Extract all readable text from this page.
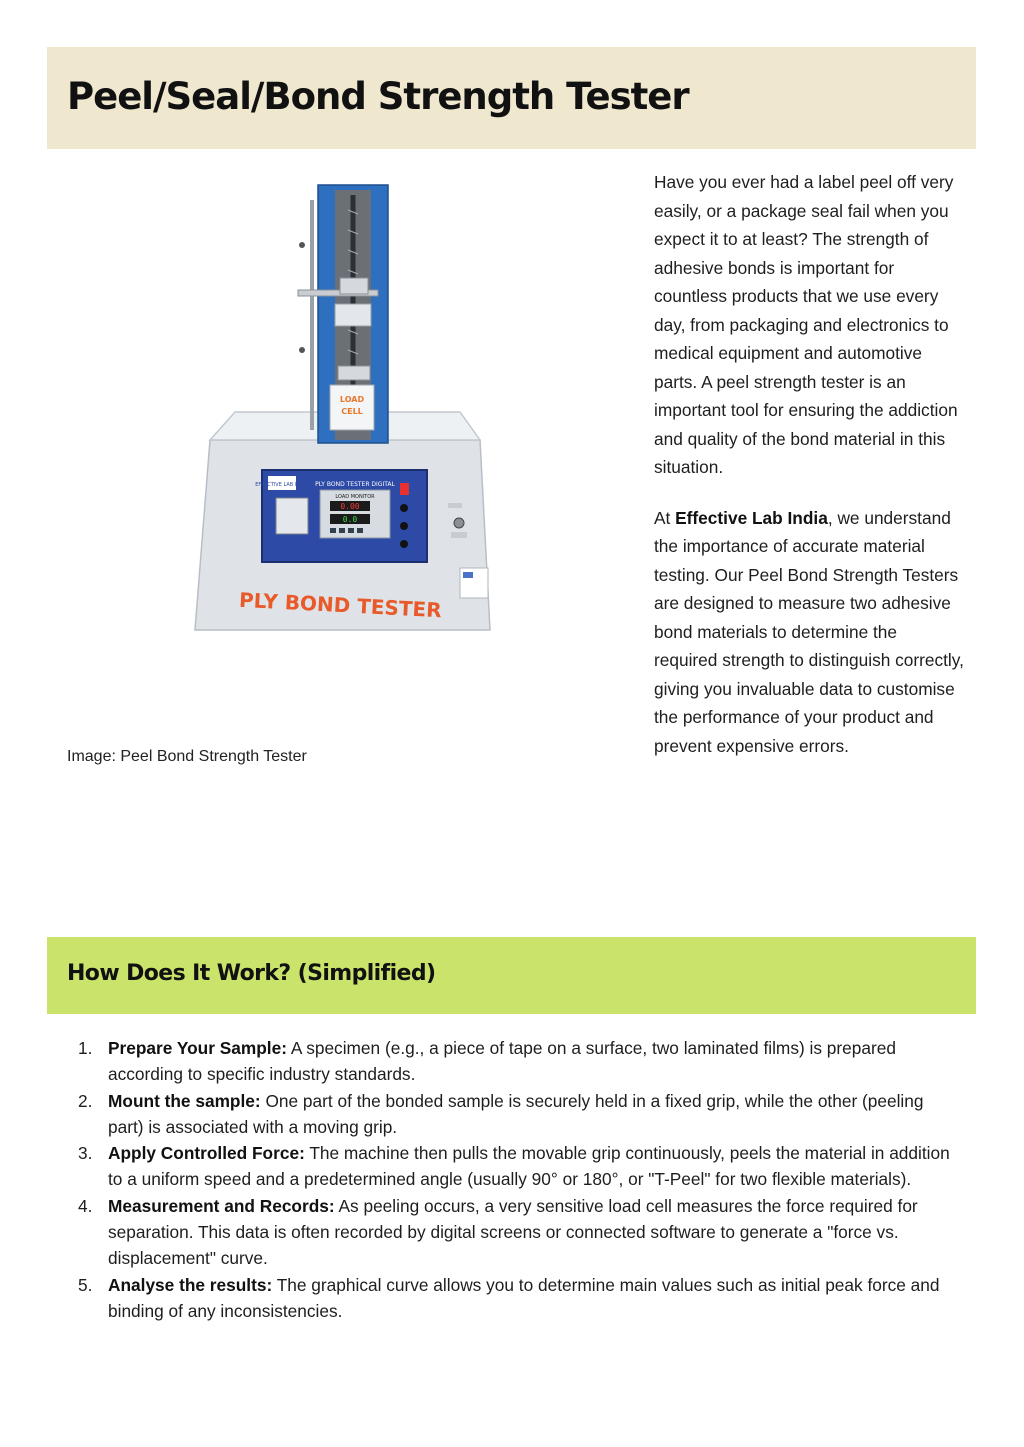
Peel/Seal/Bond Strength Tester
EFFECTIVE LAB INDIA PLY BOND TESTER DIGITAL
LOAD MONITOR
0.00
0.0
PLY BOND TESTER
LOAD
CELL
Image: Peel Bond Strength Tester

Have you ever had a label peel off very easily, or a package seal fail when you expect it to at least? The strength of adhesive bonds is important for countless products that we use every day, from packaging and electronics to medical equipment and automotive parts. A peel strength tester is an important tool for ensuring the addiction and quality of the bond material in this situation.

At Effective Lab India, we understand the importance of accurate material testing. Our Peel Bond Strength Testers are designed to measure two adhesive bond materials to determine the required strength to distinguish correctly, giving you invaluable data to customise the performance of your product and prevent expensive errors.

How Does It Work? (Simplified)
1. Prepare Your Sample: A specimen (e.g., a piece of tape on a surface, two laminated films) is prepared according to specific industry standards.
2. Mount the sample: One part of the bonded sample is securely held in a fixed grip, while the other (peeling part) is associated with a moving grip.
3. Apply Controlled Force: The machine then pulls the movable grip continuously, peels the material in addition to a uniform speed and a predetermined angle (usually 90° or 180°, or "T-Peel" for two flexible materials).
4. Measurement and Records: As peeling occurs, a very sensitive load cell measures the force required for separation. This data is often recorded by digital screens or connected software to generate a "force vs. displacement" curve.
5. Analyse the results: The graphical curve allows you to determine main values such as initial peak force and binding of any inconsistencies.
